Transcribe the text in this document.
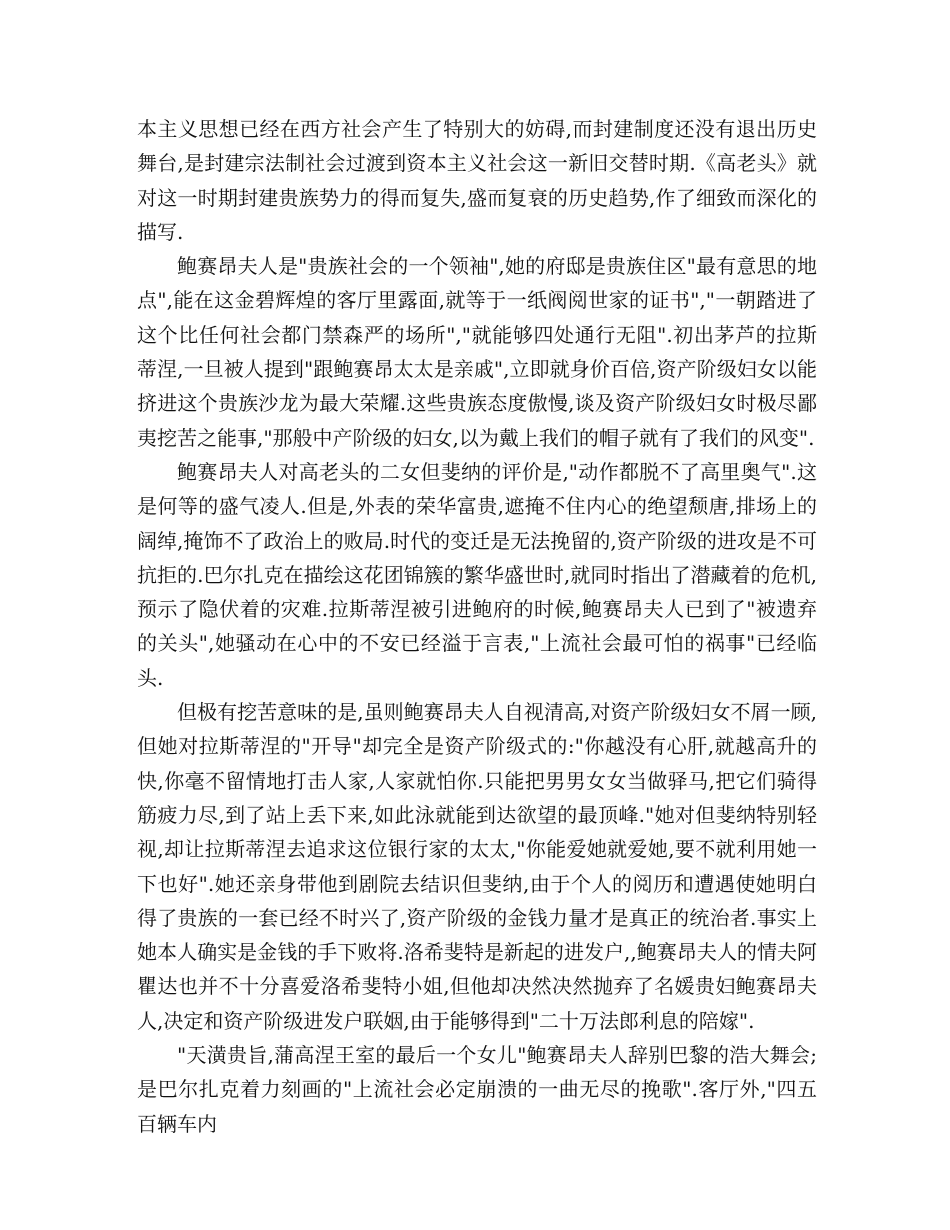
本主义思想已经在西方社会产生了特别大的妨碍,而封建制度还没有退出历史舞台,是封建宗法制社会过渡到资本主义社会这一新旧交替时期.《高老头》就对这一时期封建贵族势力的得而复失,盛而复衰的历史趋势,作了细致而深化的描写.

鲍赛昂夫人是"贵族社会的一个领袖",她的府邸是贵族住区"最有意思的地点",能在这金碧辉煌的客厅里露面,就等于一纸阀阅世家的证书","一朝踏进了这个比任何社会都门禁森严的场所","就能够四处通行无阻".初出茅芦的拉斯蒂涅,一旦被人提到"跟鲍赛昂太太是亲戚",立即就身价百倍,资产阶级妇女以能挤进这个贵族沙龙为最大荣耀.这些贵族态度傲慢,谈及资产阶级妇女时极尽鄙夷挖苦之能事,"那般中产阶级的妇女,以为戴上我们的帽子就有了我们的风变".

鲍赛昂夫人对高老头的二女但斐纳的评价是,"动作都脱不了高里奥气".这是何等的盛气凌人.但是,外表的荣华富贵,遮掩不住内心的绝望颓唐,排场上的阔绰,掩饰不了政治上的败局.时代的变迁是无法挽留的,资产阶级的进攻是不可抗拒的.巴尔扎克在描绘这花团锦簇的繁华盛世时,就同时指出了潜藏着的危机,预示了隐伏着的灾难.拉斯蒂涅被引进鲍府的时候,鲍赛昂夫人已到了"被遗弃的关头",她骚动在心中的不安已经溢于言表,"上流社会最可怕的祸事"已经临头.

但极有挖苦意味的是,虽则鲍赛昂夫人自视清高,对资产阶级妇女不屑一顾,但她对拉斯蒂涅的"开导"却完全是资产阶级式的:"你越没有心肝,就越高升的快,你毫不留情地打击人家,人家就怕你.只能把男男女女当做驿马,把它们骑得筋疲力尽,到了站上丢下来,如此泳就能到达欲望的最顶峰."她对但斐纳特别轻视,却让拉斯蒂涅去追求这位银行家的太太,"你能爱她就爱她,要不就利用她一下也好".她还亲身带他到剧院去结识但斐纳,由于个人的阅历和遭遇使她明白得了贵族的一套已经不时兴了,资产阶级的金钱力量才是真正的统治者.事实上她本人确实是金钱的手下败将.洛希斐特是新起的进发户,,鲍赛昂夫人的情夫阿瞿达也并不十分喜爱洛希斐特小姐,但他却决然决然抛弃了名媛贵妇鲍赛昂夫人,决定和资产阶级进发户联姻,由于能够得到"二十万法郎利息的陪嫁".

"天潢贵旨,蒲高涅王室的最后一个女儿"鲍赛昂夫人辞别巴黎的浩大舞会;是巴尔扎克着力刻画的"上流社会必定崩溃的一曲无尽的挽歌".客厅外,"四五百辆车内
